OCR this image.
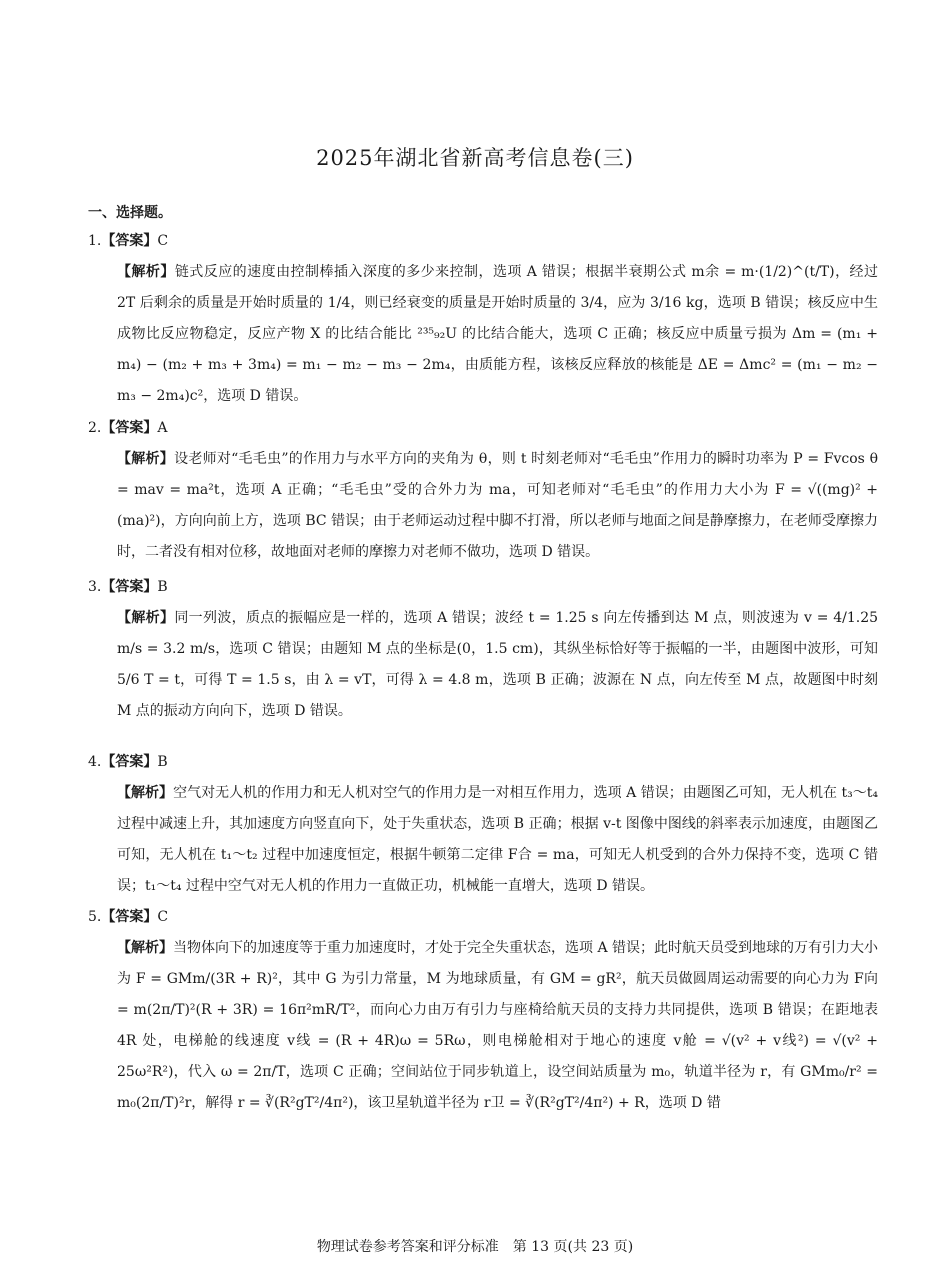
2025年湖北省新高考信息卷(三)
一、选择题。
1.【答案】C
【解析】链式反应的速度由控制棒插入深度的多少来控制，选项 A 错误；根据半衰期公式 m余 = m·(1/2)^(t/T)，经过 2T 后剩余的质量是开始时质量的 1/4，则已经衰变的质量是开始时质量的 3/4，应为 3/16 kg，选项 B 错误；核反应中生成物比反应物稳定，反应产物 X 的比结合能比 ²³⁵₉₂U 的比结合能大，选项 C 正确；核反应中质量亏损为 Δm = (m₁ + m₄) − (m₂ + m₃ + 3m₄) = m₁ − m₂ − m₃ − 2m₄，由质能方程，该核反应释放的核能是 ΔE = Δmc² = (m₁ − m₂ − m₃ − 2m₄)c²，选项 D 错误。
2.【答案】A
【解析】设老师对“毛毛虫”的作用力与水平方向的夹角为 θ，则 t 时刻老师对“毛毛虫”作用力的瞬时功率为 P = Fvcos θ = mav = ma²t，选项 A 正确；“毛毛虫”受的合外力为 ma，可知老师对“毛毛虫”的作用力大小为 F = √((mg)² + (ma)²)，方向向前上方，选项 BC 错误；由于老师运动过程中脚不打滑，所以老师与地面之间是静摩擦力，在老师受摩擦力时，二者没有相对位移，故地面对老师的摩擦力对老师不做功，选项 D 错误。
3.【答案】B
【解析】同一列波，质点的振幅应是一样的，选项 A 错误；波经 t = 1.25 s 向左传播到达 M 点，则波速为 v = 4/1.25 m/s = 3.2 m/s，选项 C 错误；由题知 M 点的坐标是(0，1.5 cm)，其纵坐标恰好等于振幅的一半，由题图中波形，可知 5/6 T = t，可得 T = 1.5 s，由 λ = vT，可得 λ = 4.8 m，选项 B 正确；波源在 N 点，向左传至 M 点，故题图中时刻 M 点的振动方向向下，选项 D 错误。
4.【答案】B
【解析】空气对无人机的作用力和无人机对空气的作用力是一对相互作用力，选项 A 错误；由题图乙可知，无人机在 t₃～t₄ 过程中减速上升，其加速度方向竖直向下，处于失重状态，选项 B 正确；根据 v-t 图像中图线的斜率表示加速度，由题图乙可知，无人机在 t₁～t₂ 过程中加速度恒定，根据牛顿第二定律 F合 = ma，可知无人机受到的合外力保持不变，选项 C 错误；t₁～t₄ 过程中空气对无人机的作用力一直做正功，机械能一直增大，选项 D 错误。
5.【答案】C
【解析】当物体向下的加速度等于重力加速度时，才处于完全失重状态，选项 A 错误；此时航天员受到地球的万有引力大小为 F = GMm/(3R + R)²，其中 G 为引力常量，M 为地球质量，有 GM = gR²，航天员做圆周运动需要的向心力为 F向 = m(2π/T)²(R + 3R) = 16π²mR/T²，而向心力由万有引力与座椅给航天员的支持力共同提供，选项 B 错误；在距地表 4R 处，电梯舱的线速度 v线 = (R + 4R)ω = 5Rω，则电梯舱相对于地心的速度 v舱 = √(v² + v线²) = √(v² + 25ω²R²)，代入 ω = 2π/T，选项 C 正确；空间站位于同步轨道上，设空间站质量为 m₀，轨道半径为 r，有 GMm₀/r² = m₀(2π/T)²r，解得 r = ∛(R²gT²/4π²)，该卫星轨道半径为 r卫 = ∛(R²gT²/4π²) + R，选项 D 错
物理试卷参考答案和评分标准　第 13 页(共 23 页)
